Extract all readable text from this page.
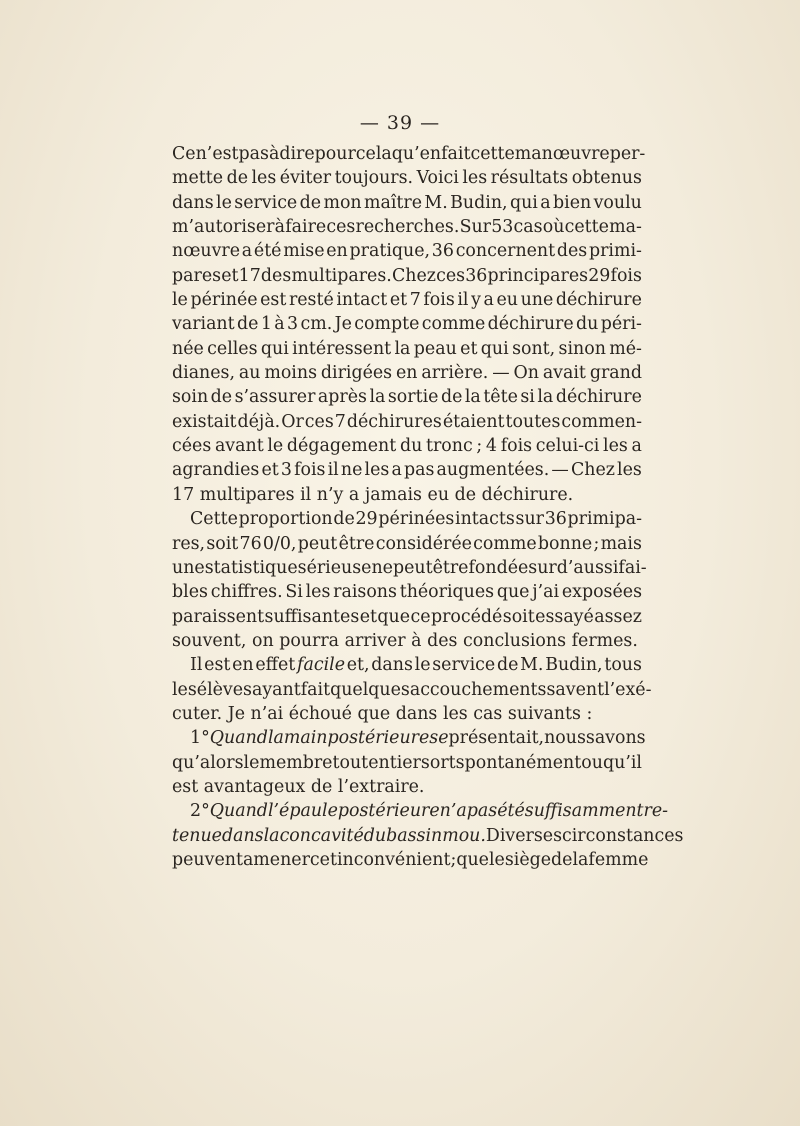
— 39 —
Ce n’est pas à dire pour cela qu’en fait cette manœuvre per-
mette de les éviter toujours. Voici les résultats obtenus
dans le service de mon maître M. Budin, qui a bien voulu
m’autoriser à faire ces recherches. Sur 53 cas où cette ma-
nœuvre a été mise en pratique, 36 concernent des primi-
pares et 17 des multipares. Chez ces 36 principares 29 fois
le périnée est resté intact et 7 fois il y a eu une déchirure
variant de 1 à 3 cm. Je compte comme déchirure du péri-
née celles qui intéressent la peau et qui sont, sinon mé-
dianes, au moins dirigées en arrière. — On avait grand
soin de s’assurer après la sortie de la tête si la déchirure
existait déjà. Or ces 7 déchirures étaient toutes commen-
cées avant le dégagement du tronc ; 4 fois celui-ci les a
agrandies et 3 fois il ne les a pas augmentées. — Chez les
17 multipares il n’y a jamais eu de déchirure.
Cette proportion de 29 périnées intacts sur 36 primipa-
res, soit 76 0/0, peut être considérée comme bonne ; mais
une statistique sérieuse ne peut être fondée sur d’aussi fai-
bles chiffres. Si les raisons théoriques que j’ai exposées
paraissent suffisantes et que ce procédé soit essayé assez
souvent, on pourra arriver à des conclusions fermes.
Il est en effet facile et, dans le service de M. Budin, tous
les élèves ayant fait quelques accouchements savent l’exé-
cuter. Je n’ai échoué que dans les cas suivants :
1° Quand la main postérieure se présentait, nous savons
qu’alors le membre tout entier sort spontanément ou qu’il
est avantageux de l’extraire.
2° Quand l’épaule postérieure n’a pas été suffisamment re-
tenue dans la concavité du bassin mou. Diverses circonstances
peuvent amener cet inconvénient ; que le siège de la femme
